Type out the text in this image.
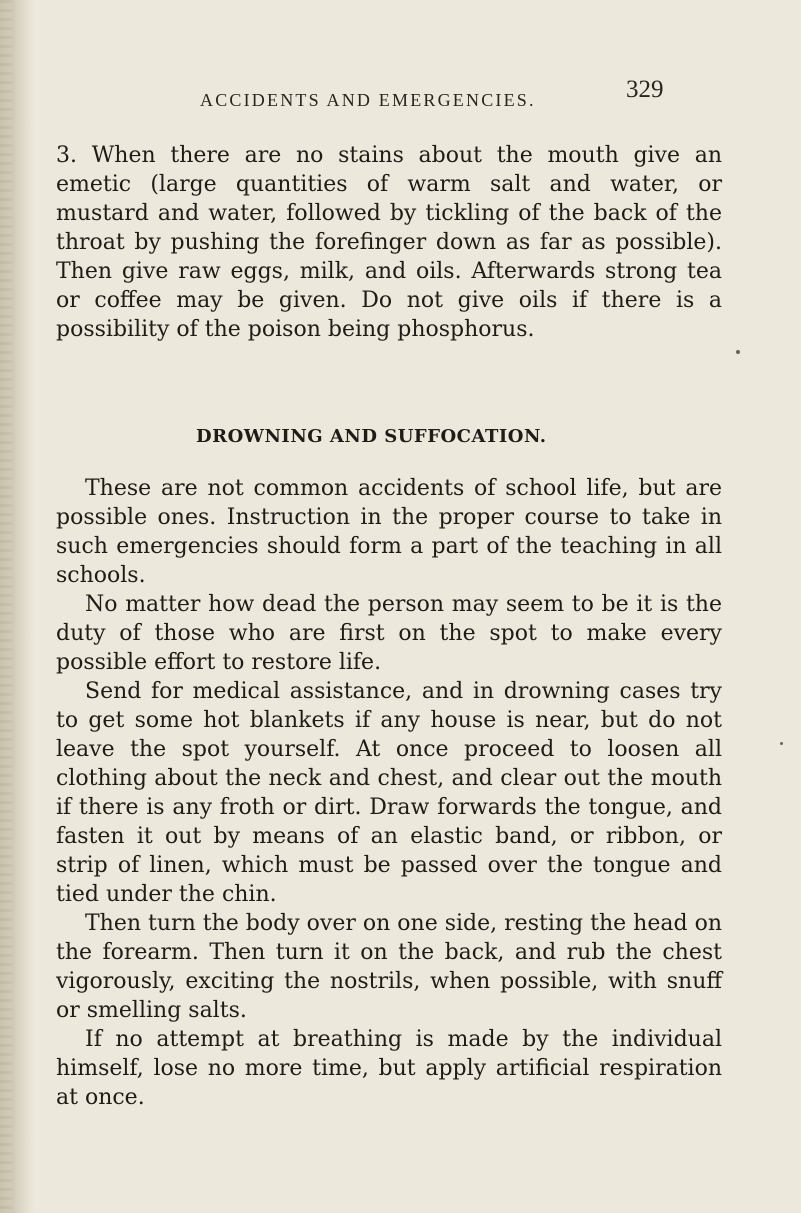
ACCIDENTS AND EMERGENCIES.	329

3. When there are no stains about the mouth give an emetic (large quantities of warm salt and water, or mustard and water, followed by tickling of the back of the throat by pushing the forefinger down as far as possible). Then give raw eggs, milk, and oils. Afterwards strong tea or coffee may be given. Do not give oils if there is a possibility of the poison being phosphorus.

DROWNING AND SUFFOCATION.

These are not common accidents of school life, but are possible ones. Instruction in the proper course to take in such emergencies should form a part of the teaching in all schools.

No matter how dead the person may seem to be it is the duty of those who are first on the spot to make every possible effort to restore life.

Send for medical assistance, and in drowning cases try to get some hot blankets if any house is near, but do not leave the spot yourself. At once proceed to loosen all clothing about the neck and chest, and clear out the mouth if there is any froth or dirt. Draw forwards the tongue, and fasten it out by means of an elastic band, or ribbon, or strip of linen, which must be passed over the tongue and tied under the chin.

Then turn the body over on one side, resting the head on the forearm. Then turn it on the back, and rub the chest vigorously, exciting the nostrils, when possible, with snuff or smelling salts.

If no attempt at breathing is made by the individual himself, lose no more time, but apply artificial respiration at once.
